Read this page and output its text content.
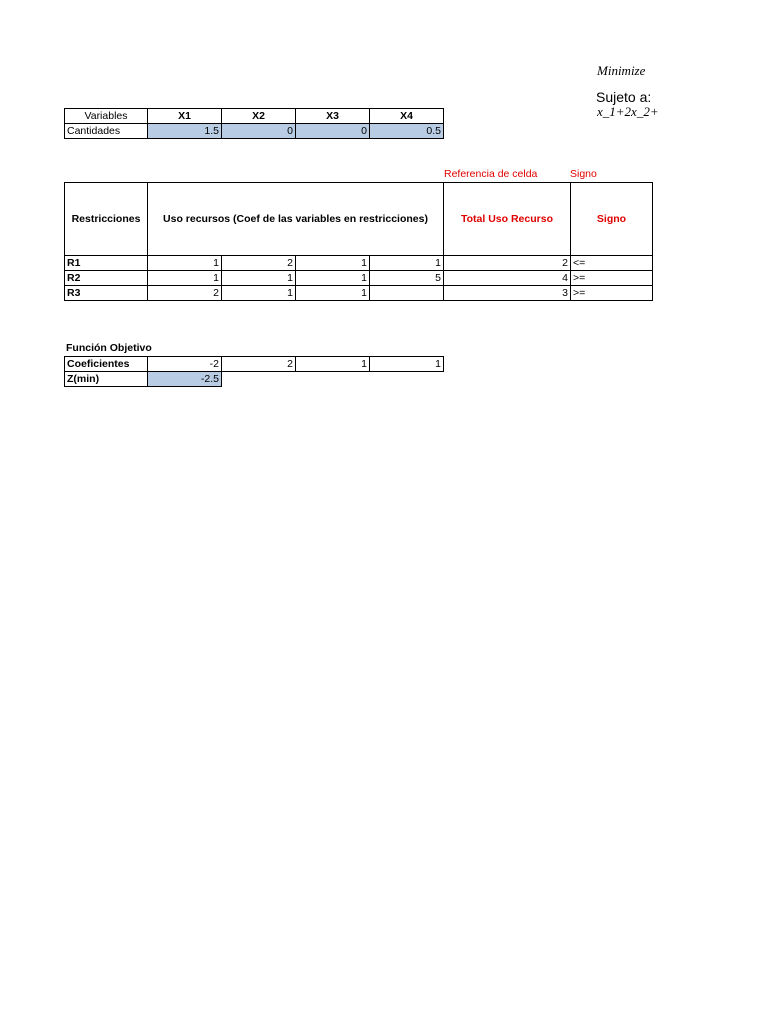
Minimize
Sujeto a:
x_1+2x_2+
Variables	X1	X2	X3	X4
Cantidades	1.5	0	0	0.5
Referencia de celda	Signo
Restricciones	Uso recursos (Coef de las variables en restricciones)				Total Uso Recurso	Signo
R1	1	2	1	1	2	<=
R2	1	1	1	5	4	>=
R3	2	1	1		3	>=
Función Objetivo
Coeficientes	-2	2	1	1
Z(min)	-2.5			
